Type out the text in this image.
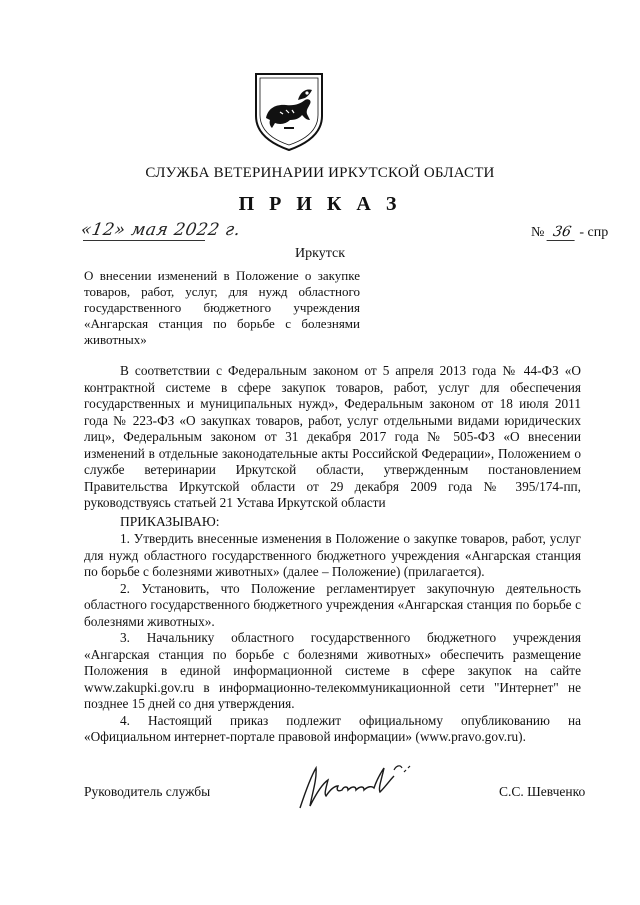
СЛУЖБА ВЕТЕРИНАРИИ ИРКУТСКОЙ ОБЛАСТИ
П Р И К А З
«12» мая 2022 г.	№ 36 - спр
Иркутск
О внесении изменений в Положение о закупке товаров, работ, услуг, для нужд областного государственного бюджетного учреждения «Ангарская станция по борьбе с болезнями животных»
В соответствии с Федеральным законом от 5 апреля 2013 года № 44-ФЗ «О контрактной системе в сфере закупок товаров, работ, услуг для обеспечения государственных и муниципальных нужд», Федеральным законом от 18 июля 2011 года № 223-ФЗ «О закупках товаров, работ, услуг отдельными видами юридических лиц», Федеральным законом от 31 декабря 2017 года № 505-ФЗ «О внесении изменений в отдельные законодательные акты Российской Федерации», Положением о службе ветеринарии Иркутской области, утвержденным постановлением Правительства Иркутской области от 29 декабря 2009 года № 395/174-пп, руководствуясь статьей 21 Устава Иркутской области
ПРИКАЗЫВАЮ:

1. Утвердить внесенные изменения в Положение о закупке товаров, работ, услуг для нужд областного государственного бюджетного учреждения «Ангарская станция по борьбе с болезнями животных» (далее – Положение) (прилагается).

2. Установить, что Положение регламентирует закупочную деятельность областного государственного бюджетного учреждения «Ангарская станция по борьбе с болезнями животных».

3. Начальнику областного государственного бюджетного учреждения «Ангарская станция по борьбе с болезнями животных» обеспечить размещение Положения в единой информационной системе в сфере закупок на сайте www.zakupki.gov.ru в информационно-телекоммуникационной сети "Интернет" не позднее 15 дней со дня утверждения.

4. Настоящий приказ подлежит официальному опубликованию на «Официальном интернет-портале правовой информации» (www.pravo.gov.ru).

Руководитель службы	С.С. Шевченко
